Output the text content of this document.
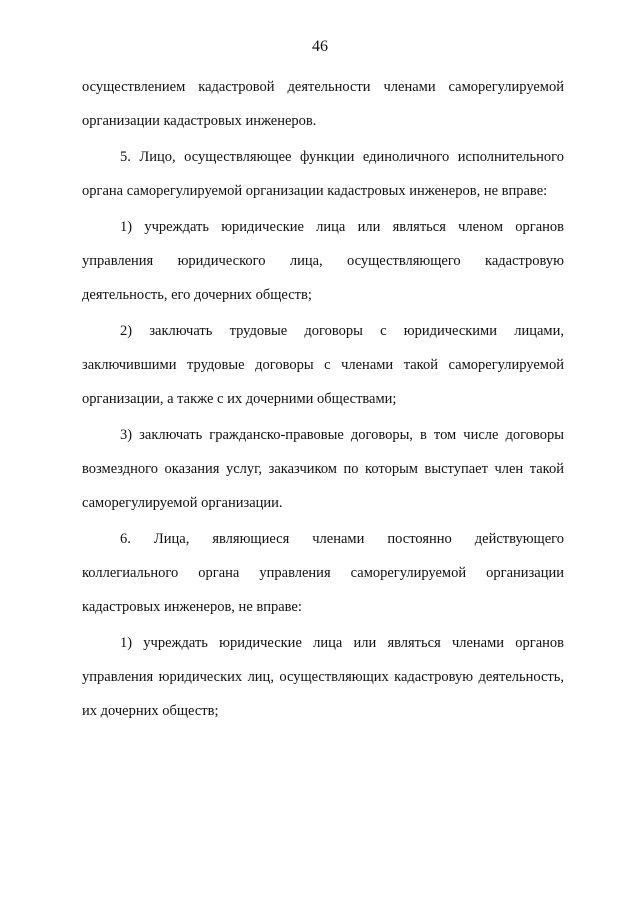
46

осуществлением кадастровой деятельности членами саморегулируемой организации кадастровых инженеров.

5. Лицо, осуществляющее функции единоличного исполнительного органа саморегулируемой организации кадастровых инженеров, не вправе:

1) учреждать юридические лица или являться членом органов управления юридического лица, осуществляющего кадастровую деятельность, его дочерних обществ;

2) заключать трудовые договоры с юридическими лицами, заключившими трудовые договоры с членами такой саморегулируемой организации, а также с их дочерними обществами;

3) заключать гражданско-правовые договоры, в том числе договоры возмездного оказания услуг, заказчиком по которым выступает член такой саморегулируемой организации.

6. Лица, являющиеся членами постоянно действующего коллегиального органа управления саморегулируемой организации кадастровых инженеров, не вправе:

1) учреждать юридические лица или являться членами органов управления юридических лиц, осуществляющих кадастровую деятельность, их дочерних обществ;
